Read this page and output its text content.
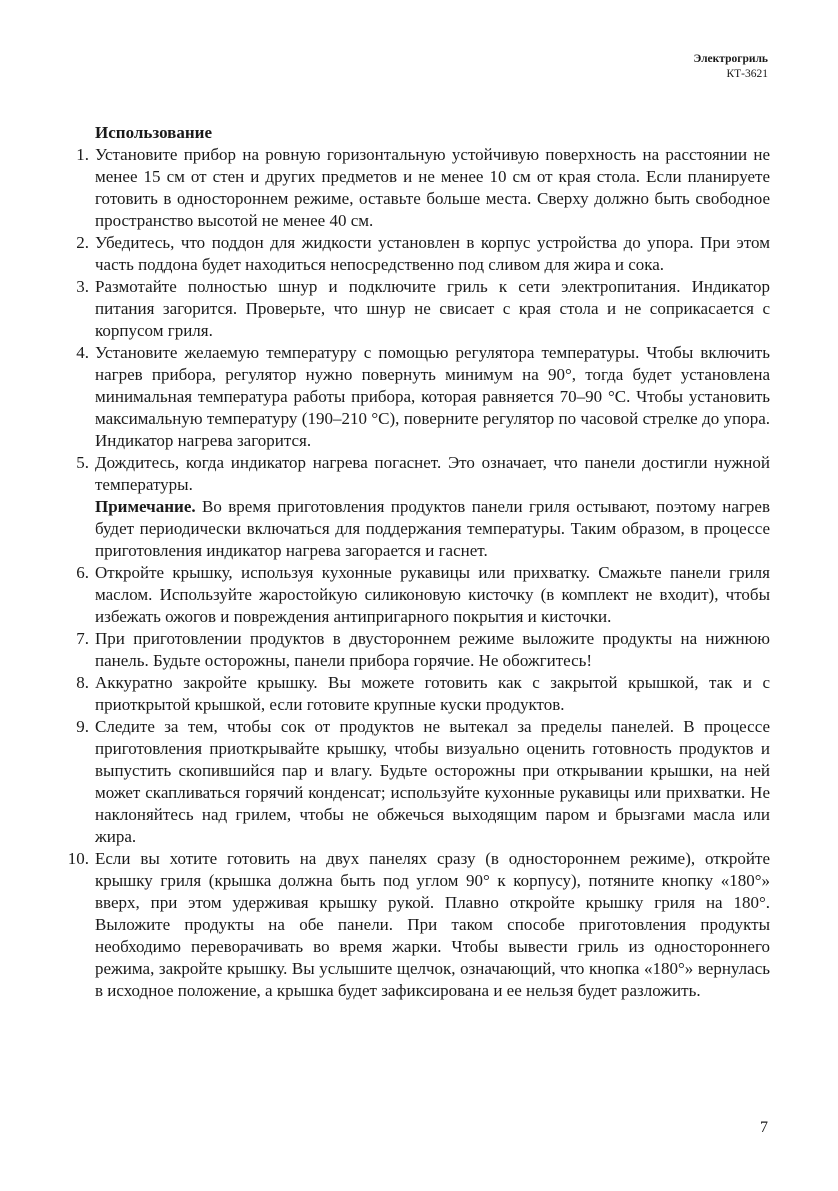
Электрогриль
КТ-3621
Использование
1. Установите прибор на ровную горизонтальную устойчивую поверхность на расстоянии не менее 15 см от стен и других предметов и не менее 10 см от края стола. Если планируете готовить в одностороннем режиме, оставьте больше места. Сверху должно быть свободное пространство высотой не менее 40 см.
2. Убедитесь, что поддон для жидкости установлен в корпус устройства до упора. При этом часть поддона будет находиться непосредственно под сливом для жира и сока.
3. Размотайте полностью шнур и подключите гриль к сети электропитания. Индикатор питания загорится. Проверьте, что шнур не свисает с края стола и не соприкасается с корпусом гриля.
4. Установите желаемую температуру с помощью регулятора температуры. Чтобы включить нагрев прибора, регулятор нужно повернуть минимум на 90°, тогда будет установлена минимальная температура работы прибора, которая равняется 70–90 °C. Чтобы установить максимальную температуру (190–210 °C), поверните регулятор по часовой стрелке до упора. Индикатор нагрева загорится.
5. Дождитесь, когда индикатор нагрева погаснет. Это означает, что панели достигли нужной температуры.
Примечание. Во время приготовления продуктов панели гриля остывают, поэтому нагрев будет периодически включаться для поддержания температуры. Таким образом, в процессе приготовления индикатор нагрева загорается и гаснет.
6. Откройте крышку, используя кухонные рукавицы или прихватку. Смажьте панели гриля маслом. Используйте жаростойкую силиконовую кисточку (в комплект не входит), чтобы избежать ожогов и повреждения антипригарного покрытия и кисточки.
7. При приготовлении продуктов в двустороннем режиме выложите продукты на нижнюю панель. Будьте осторожны, панели прибора горячие. Не обожгитесь!
8. Аккуратно закройте крышку. Вы можете готовить как с закрытой крышкой, так и с приоткрытой крышкой, если готовите крупные куски продуктов.
9. Следите за тем, чтобы сок от продуктов не вытекал за пределы панелей. В процессе приготовления приоткрывайте крышку, чтобы визуально оценить готовность продуктов и выпустить скопившийся пар и влагу. Будьте осторожны при открывании крышки, на ней может скапливаться горячий конденсат; используйте кухонные рукавицы или прихватки. Не наклоняйтесь над грилем, чтобы не обжечься выходящим паром и брызгами масла или жира.
10. Если вы хотите готовить на двух панелях сразу (в одностороннем режиме), откройте крышку гриля (крышка должна быть под углом 90° к корпусу), потяните кнопку «180°» вверх, при этом удерживая крышку рукой. Плавно откройте крышку гриля на 180°. Выложите продукты на обе панели. При таком способе приготовления продукты необходимо переворачивать во время жарки. Чтобы вывести гриль из одностороннего режима, закройте крышку. Вы услышите щелчок, означающий, что кнопка «180°» вернулась в исходное положение, а крышка будет зафиксирована и ее нельзя будет разложить.
7
